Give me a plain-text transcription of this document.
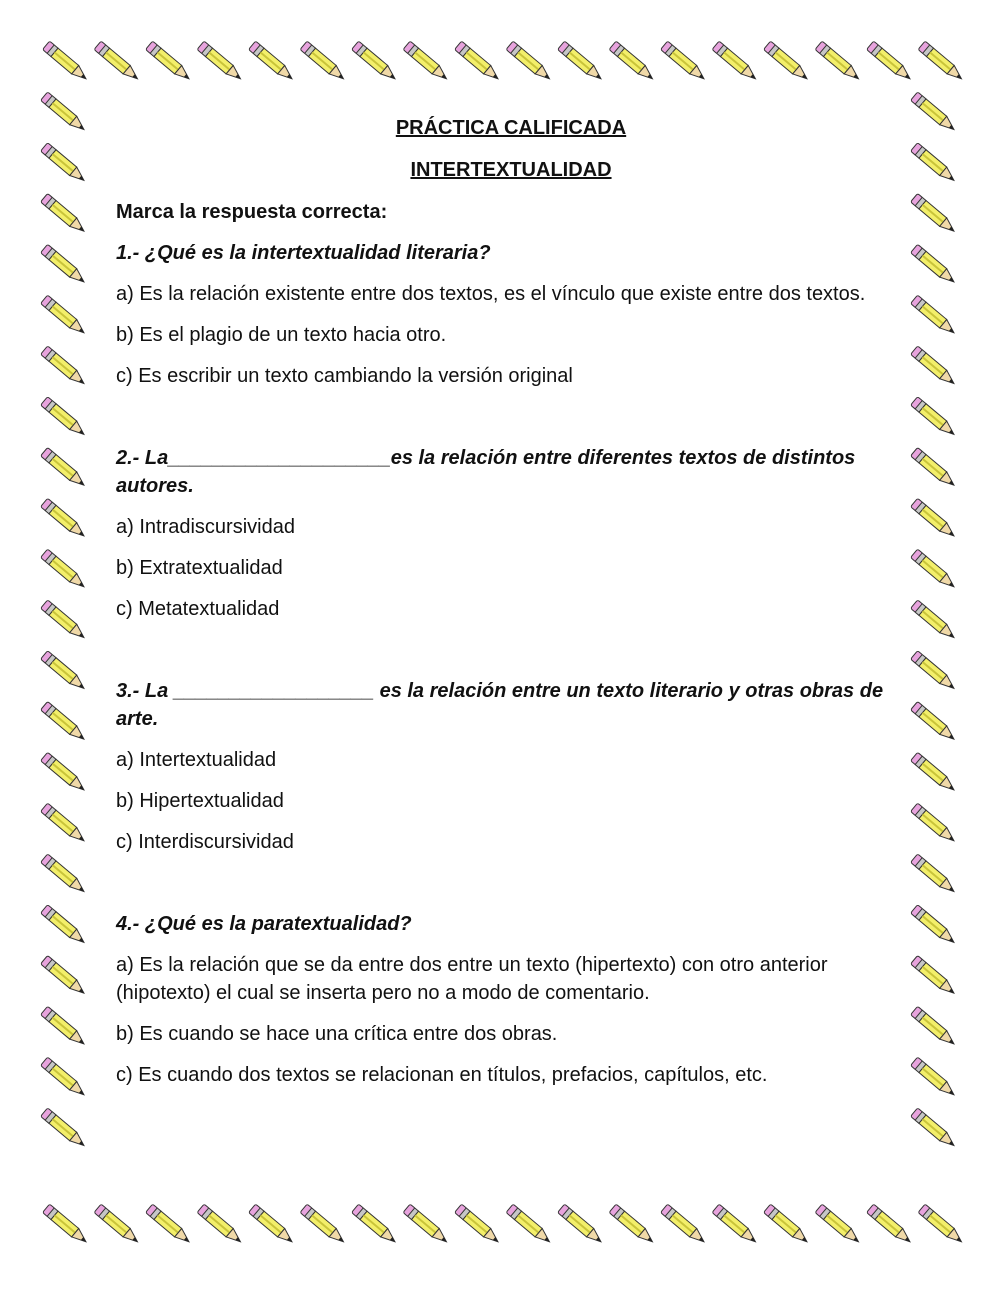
PRÁCTICA CALIFICADA
INTERTEXTUALIDAD
Marca la respuesta correcta:
1.- ¿Qué es la intertextualidad literaria?
a) Es la relación existente entre dos textos, es el vínculo que existe entre dos textos.
b) Es el plagio de un texto hacia otro.
c) Es escribir un texto cambiando la versión original
2.- La____________________es la relación entre diferentes textos de distintos autores.
a) Intradiscursividad
b) Extratextualidad
c) Metatextualidad
3.- La __________________ es la relación entre un texto literario y otras obras de arte.
a) Intertextualidad
b) Hipertextualidad
c) Interdiscursividad
4.- ¿Qué es la paratextualidad?
a) Es la relación que se da entre dos entre un texto (hipertexto) con otro anterior (hipotexto) el cual se inserta pero no a modo de comentario.
b) Es cuando se hace una crítica entre dos obras.
c) Es cuando dos textos se relacionan en títulos, prefacios, capítulos, etc.
